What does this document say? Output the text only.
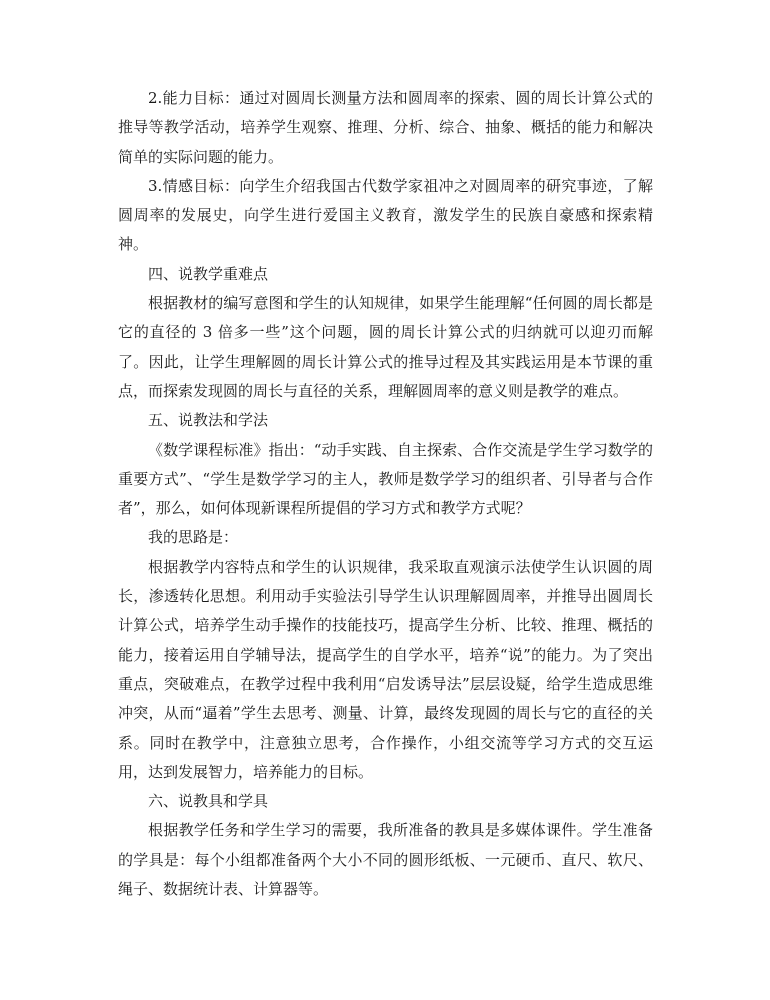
2.能力目标：通过对圆周长测量方法和圆周率的探索、圆的周长计算公式的推导等教学活动，培养学生观察、推理、分析、综合、抽象、概括的能力和解决简单的实际问题的能力。

3.情感目标：向学生介绍我国古代数学家祖冲之对圆周率的研究事迹，了解圆周率的发展史，向学生进行爱国主义教育，激发学生的民族自豪感和探索精神。

四、说教学重难点

根据教材的编写意图和学生的认知规律，如果学生能理解“任何圆的周长都是它的直径的 3 倍多一些”这个问题，圆的周长计算公式的归纳就可以迎刃而解了。因此，让学生理解圆的周长计算公式的推导过程及其实践运用是本节课的重点，而探索发现圆的周长与直径的关系，理解圆周率的意义则是教学的难点。

五、说教法和学法

《数学课程标准》指出：“动手实践、自主探索、合作交流是学生学习数学的重要方式”、“学生是数学学习的主人，教师是数学学习的组织者、引导者与合作者”，那么，如何体现新课程所提倡的学习方式和教学方式呢？

我的思路是：

根据教学内容特点和学生的认识规律，我采取直观演示法使学生认识圆的周长，渗透转化思想。利用动手实验法引导学生认识理解圆周率，并推导出圆周长计算公式，培养学生动手操作的技能技巧，提高学生分析、比较、推理、概括的能力，接着运用自学辅导法，提高学生的自学水平，培养“说”的能力。为了突出重点，突破难点，在教学过程中我利用“启发诱导法”层层设疑，给学生造成思维冲突，从而“逼着”学生去思考、测量、计算，最终发现圆的周长与它的直径的关系。同时在教学中，注意独立思考，合作操作，小组交流等学习方式的交互运用，达到发展智力，培养能力的目标。

六、说教具和学具

根据教学任务和学生学习的需要，我所准备的教具是多媒体课件。学生准备的学具是：每个小组都准备两个大小不同的圆形纸板、一元硬币、直尺、软尺、绳子、数据统计表、计算器等。
